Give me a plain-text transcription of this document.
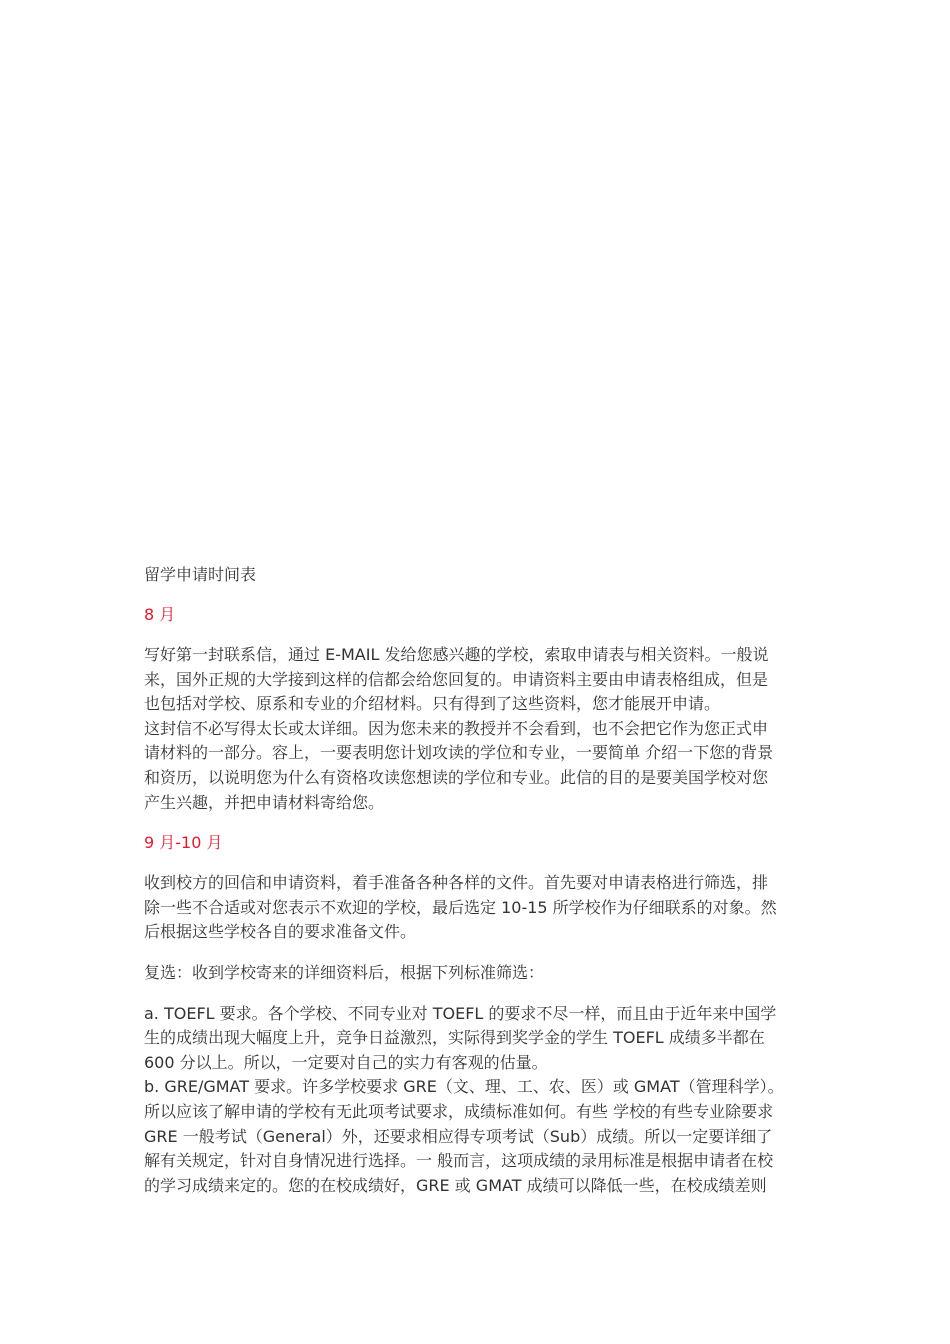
留学申请时间表
8 月
写好第一封联系信，通过 E-MAIL 发给您感兴趣的学校，索取申请表与相关资料。一般说
来，国外正规的大学接到这样的信都会给您回复的。申请资料主要由申请表格组成，但是
也包括对学校、原系和专业的介绍材料。只有得到了这些资料，您才能展开申请。
这封信不必写得太长或太详细。因为您未来的教授并不会看到，也不会把它作为您正式申
请材料的一部分。容上，一要表明您计划攻读的学位和专业，一要简单 介绍一下您的背景
和资历，以说明您为什么有资格攻读您想读的学位和专业。此信的目的是要美国学校对您
产生兴趣，并把申请材料寄给您。
9 月-10 月
收到校方的回信和申请资料，着手准备各种各样的文件。首先要对申请表格进行筛选，排
除一些不合适或对您表示不欢迎的学校，最后选定 10-15 所学校作为仔细联系的对象。然
后根据这些学校各自的要求准备文件。
复选：收到学校寄来的详细资料后，根据下列标准筛选：
a. TOEFL 要求。各个学校、不同专业对 TOEFL 的要求不尽一样，而且由于近年来中国学
生的成绩出现大幅度上升，竞争日益激烈，实际得到奖学金的学生 TOEFL 成绩多半都在
600 分以上。所以，一定要对自己的实力有客观的估量。
b. GRE/GMAT 要求。许多学校要求 GRE（文、理、工、农、医）或 GMAT（管理科学）。
所以应该了解申请的学校有无此项考试要求，成绩标准如何。有些 学校的有些专业除要求
GRE 一般考试（General）外，还要求相应得专项考试（Sub）成绩。所以一定要详细了
解有关规定，针对自身情况进行选择。一 般而言，这项成绩的录用标准是根据申请者在校
的学习成绩来定的。您的在校成绩好，GRE 或 GMAT 成绩可以降低一些，在校成绩差则
